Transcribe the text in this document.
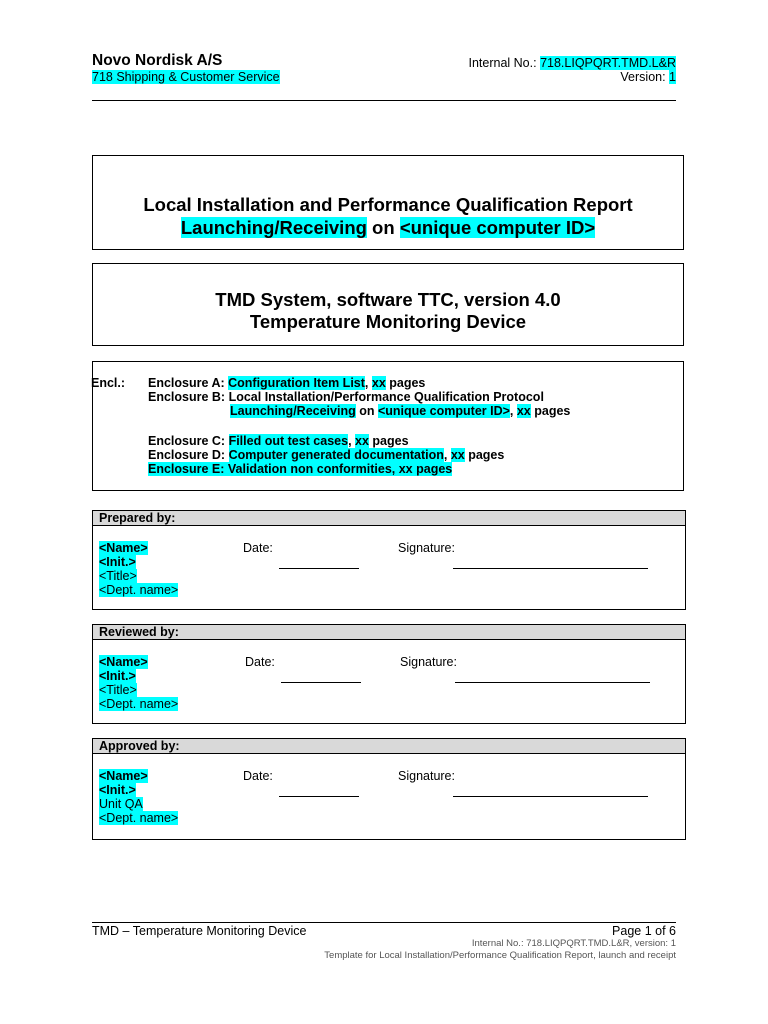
Novo Nordisk A/S
718 Shipping & Customer Service
Internal No.: 718.LIQPQRT.TMD.L&R
Version: 1
Local Installation and Performance Qualification Report
Launching/Receiving on <unique computer ID>
TMD System, software TTC, version 4.0
Temperature Monitoring Device
Encl.: Enclosure A: Configuration Item List, xx pages
Enclosure B: Local Installation/Performance Qualification Protocol
Launching/Receiving on <unique computer ID>, xx pages
Enclosure C: Filled out test cases, xx pages
Enclosure D: Computer generated documentation, xx pages
Enclosure E: Validation non conformities, xx pages
Prepared by:
<Name>
<Init.>
<Title>
<Dept. name>
Date:	Signature:
Reviewed by:
<Name>
<Init.>
<Title>
<Dept. name>
Date:	Signature:
Approved by:
<Name>
<Init.>
Unit QA
<Dept. name>
Date:	Signature:
TMD – Temperature Monitoring Device	Page 1 of 6
Internal No.: 718.LIQPQRT.TMD.L&R, version: 1
Template for Local Installation/Performance Qualification Report, launch and receipt
